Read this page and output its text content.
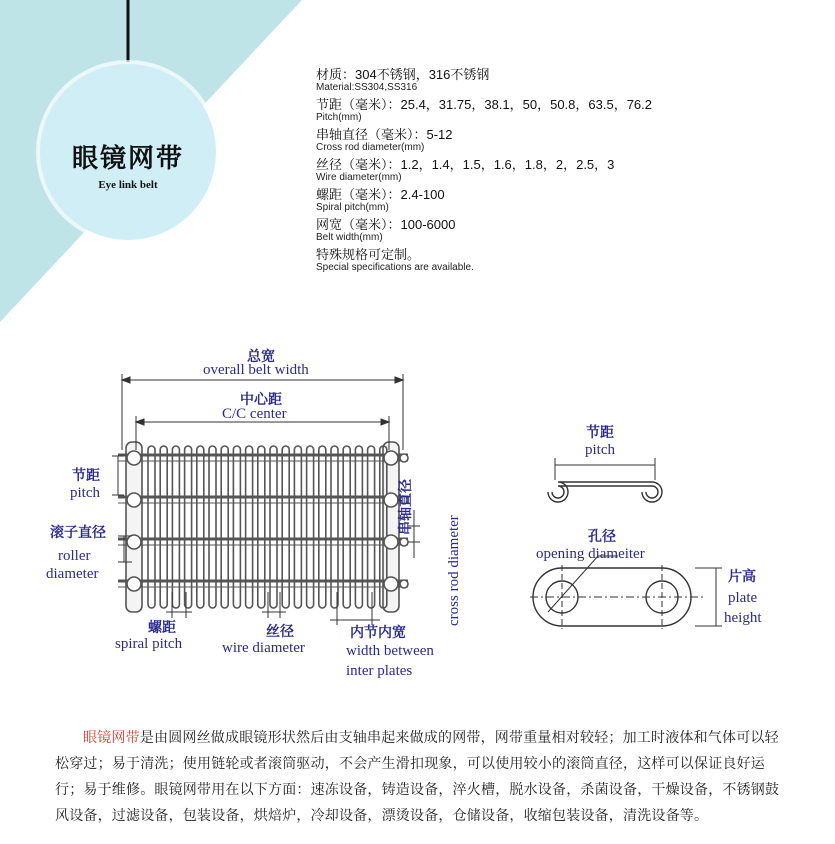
眼镜网带
Eye link belt
材质：304不锈钢，316不锈钢
Material:SS304,SS316
节距（毫米）：25.4，31.75，38.1，50，50.8，63.5，76.2
Pitch(mm)
串轴直径（毫米）：5-12
Cross rod diameter(mm)
丝径（毫米）：1.2，1.4，1.5，1.6，1.8，2，2.5，3
Wire diameter(mm)
螺距（毫米）：2.4-100
Spiral pitch(mm)
网宽（毫米）：100-6000
Belt width(mm)
特殊规格可定制。
Special specifications are available.
总宽
overall belt width
中心距
C/C center
节距
pitch
滚子直径
roller
diameter
螺距
spiral pitch
丝径
wire diameter
内节内宽
width between
inter plates
串轴直径
cross rod diameter
节距
pitch
孔径
opening diameiter
片高
plate
height
眼镜网带是由圆网丝做成眼镜形状然后由支轴串起来做成的网带，网带重量相对较轻；加工时液体和气体可以轻松穿过；易于清洗；使用链轮或者滚筒驱动，不会产生滑扣现象，可以使用较小的滚筒直径，这样可以保证良好运行；易于维修。眼镜网带用在以下方面：速冻设备，铸造设备，淬火槽，脱水设备，杀菌设备，干燥设备，不锈钢鼓风设备，过滤设备，包装设备，烘焙炉，冷却设备，漂烫设备，仓储设备，收缩包装设备，清洗设备等。
